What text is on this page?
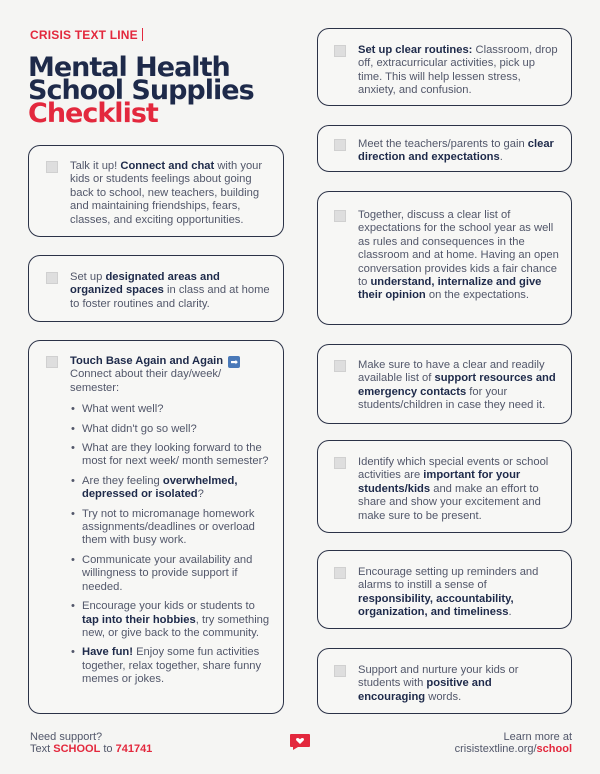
CRISIS TEXT LINE
Mental Health
School Supplies
Checklist
Talk it up! Connect and chat with your kids or students feelings about going back to school, new teachers, building and maintaining friendships, fears, classes, and exciting opportunities.
Set up designated areas and organized spaces in class and at home to foster routines and clarity.
Touch Base Again and Again ➡
Connect about their day/week/ semester:
• What went well?
• What didn't go so well?
• What are they looking forward to the most for next week/ month semester?
• Are they feeling overwhelmed, depressed or isolated?
• Try not to micromanage homework assignments/deadlines or overload them with busy work.
• Communicate your availability and willingness to provide support if needed.
• Encourage your kids or students to tap into their hobbies, try something new, or give back to the community.
• Have fun! Enjoy some fun activities together, relax together, share funny memes or jokes.
Set up clear routines: Classroom, drop off, extracurricular activities, pick up time. This will help lessen stress, anxiety, and confusion.
Meet the teachers/parents to gain clear direction and expectations.
Together, discuss a clear list of expectations for the school year as well as rules and consequences in the classroom and at home. Having an open conversation provides kids a fair chance to understand, internalize and give their opinion on the expectations.
Make sure to have a clear and readily available list of support resources and emergency contacts for your students/children in case they need it.
Identify which special events or school activities are important for your students/kids and make an effort to share and show your excitement and make sure to be present.
Encourage setting up reminders and alarms to instill a sense of responsibility, accountability, organization, and timeliness.
Support and nurture your kids or students with positive and encouraging words.
Need support?
Text SCHOOL to 741741
Learn more at
crisistextline.org/school
